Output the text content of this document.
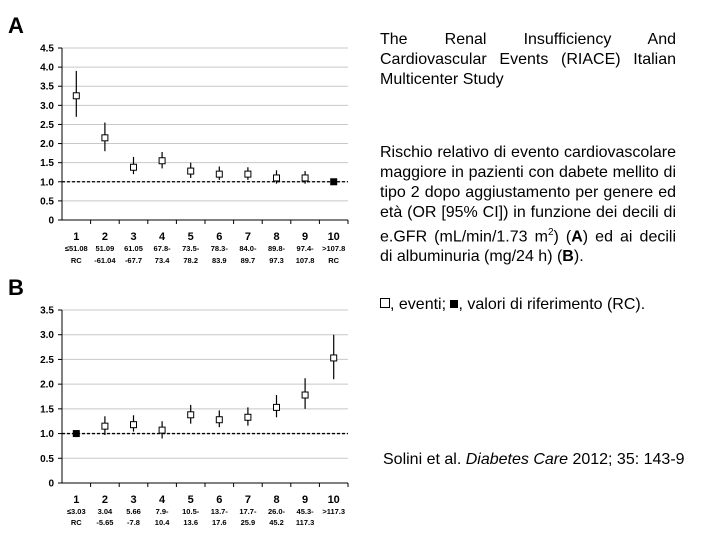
A
4.5
4.0
3.5
3.0
2.5
2.0
1.5
1.0
0.5
0
1
≤51.08
RC
2
51.09
-61.04
3
61.05
-67.7
4
67.8-
73.4
5
73.5-
78.2
6
78.3-
83.9
7
84.0-
89.7
8
89.8-
97.3
9
97.4-
107.8
10
>107.8
RC
B
3.5
3.0
2.5
2.0
1.5
1.0
0.5
0
1
≤3.03
RC
2
3.04
-5.65
3
5.66
-7.8
4
7.9-
10.4
5
10.5-
13.6
6
13.7-
17.6
7
17.7-
25.9
8
26.0-
45.2
9
45.3-
117.3
10
>117.3

The Renal Insufficiency And Cardiovascular Events (RIACE) Italian Multicenter Study

Rischio relativo di evento cardiovascolare maggiore in pazienti con dabete mellito di tipo 2 dopo aggiustamento per genere ed età (OR [95% CI]) in funzione dei decili di e.GFR (mL/min/1.73 $m^2$) (A) ed ai decili di albuminuria (mg/24 h) (B).

, eventi; , valori di riferimento (RC).

Solini et al. Diabetes Care 2012; 35: 143-9
